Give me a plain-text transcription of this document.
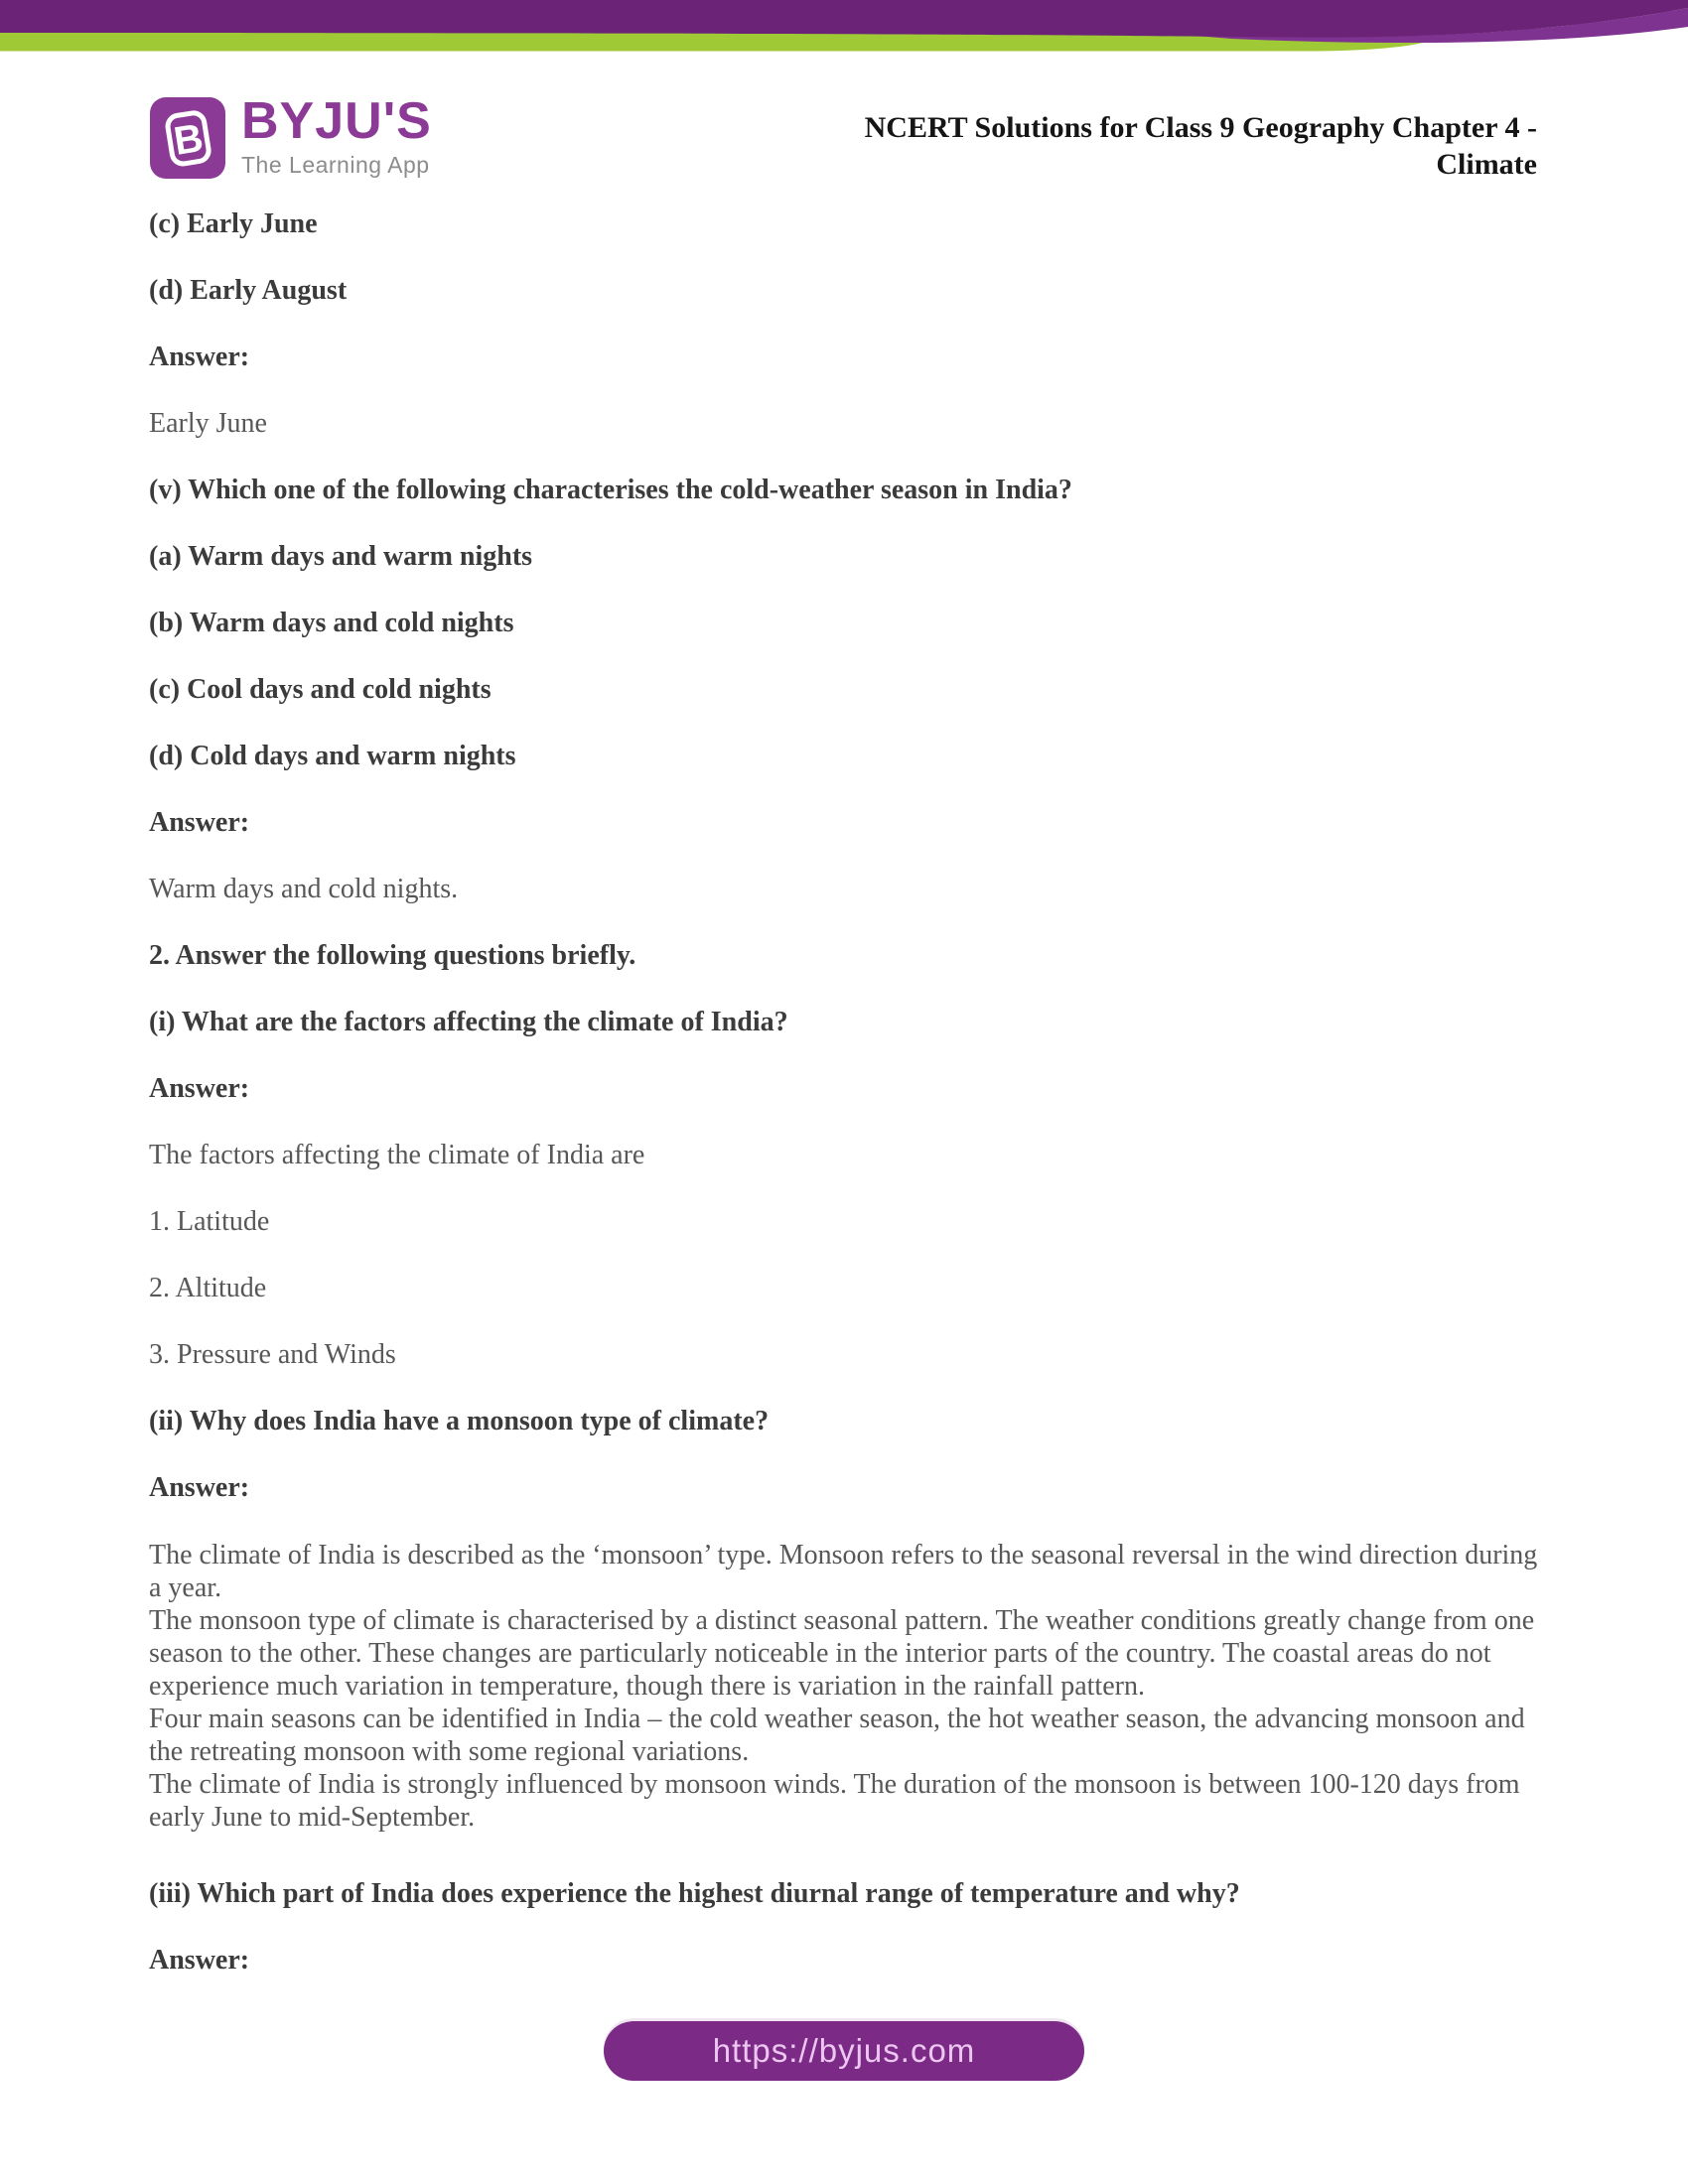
B BYJU'S
The Learning App
NCERT Solutions for Class 9 Geography Chapter 4 -
Climate
(c) Early June
(d) Early August
Answer:
Early June
(v) Which one of the following characterises the cold-weather season in India?
(a) Warm days and warm nights
(b) Warm days and cold nights
(c) Cool days and cold nights
(d) Cold days and warm nights
Answer:
Warm days and cold nights.
2. Answer the following questions briefly.
(i) What are the factors affecting the climate of India?
Answer:
The factors affecting the climate of India are
1. Latitude
2. Altitude
3. Pressure and Winds
(ii) Why does India have a monsoon type of climate?
Answer:
The climate of India is described as the ‘monsoon’ type. Monsoon refers to the seasonal reversal in the wind direction during a year.
The monsoon type of climate is characterised by a distinct seasonal pattern. The weather conditions greatly change from one season to the other. These changes are particularly noticeable in the interior parts of the country. The coastal areas do not experience much variation in temperature, though there is variation in the rainfall pattern.
Four main seasons can be identified in India – the cold weather season, the hot weather season, the advancing monsoon and the retreating monsoon with some regional variations.
The climate of India is strongly influenced by monsoon winds. The duration of the monsoon is between 100-120 days from early June to mid-September.
(iii) Which part of India does experience the highest diurnal range of temperature and why?
Answer:
https://byjus.com
